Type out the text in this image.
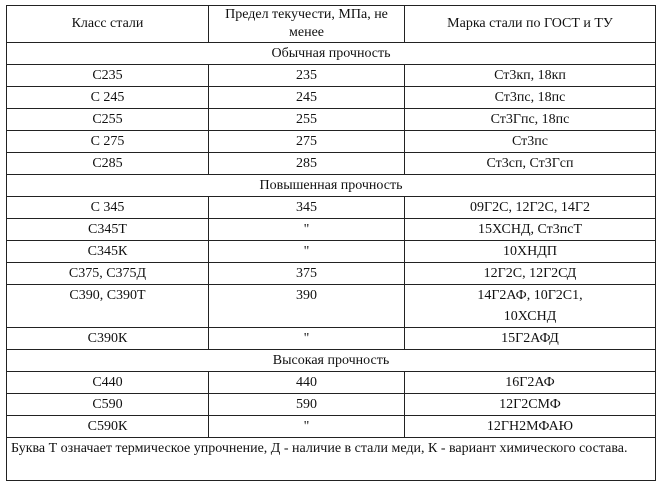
Класс стали	Предел текучести, МПа, не менее	Марка стали по ГОСТ и ТУ
Обычная прочность		
С235	235	Ст3кп, 18кп
С 245	245	Ст3пс, 18пс
С255	255	Ст3Гпс, 18пс
С 275	275	Ст3пс
С285	285	Ст3сп, Ст3Гсп
Повышенная прочность		
С 345	345	09Г2С, 12Г2С, 14Г2
С345Т	"	15ХСНД, Ст3псТ
С345К	"	10ХНДП
С375, С375Д	375	12Г2С, 12Г2СД
С390, С390Т	390	14Г2АФ, 10Г2С1, 10ХСНД
С390К	"	15Г2АФД
Высокая прочность		
С440	440	16Г2АФ
С590	590	12Г2СМФ
С590К	"	12ГН2МФАЮ
Буква Т означает термическое упрочнение, Д - наличие в стали меди, К - вариант химического состава.		
